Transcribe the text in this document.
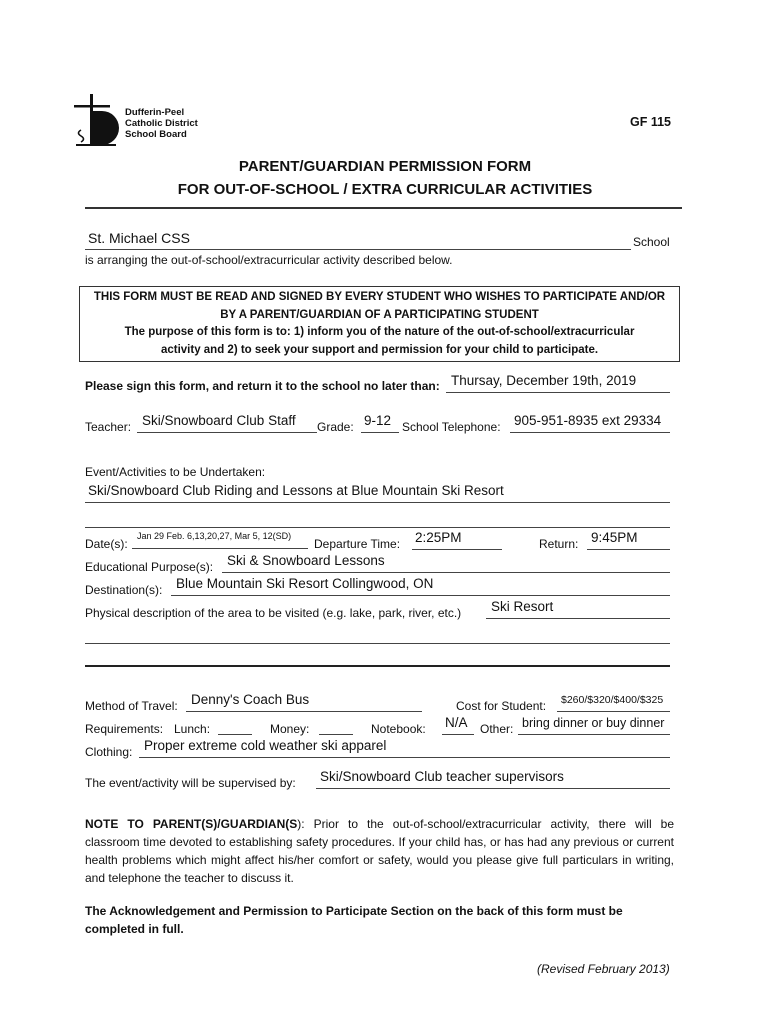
Dufferin-Peel
Catholic District
School Board
GF 115
PARENT/GUARDIAN PERMISSION FORM
FOR OUT-OF-SCHOOL / EXTRA CURRICULAR ACTIVITIES
St. Michael CSS	School
is arranging the out-of-school/extracurricular activity described below.

THIS FORM MUST BE READ AND SIGNED BY EVERY STUDENT WHO WISHES TO PARTICIPATE AND/OR

BY A PARENT/GUARDIAN OF A PARTICIPATING STUDENT

The purpose of this form is to: 1) inform you of the nature of the out-of-school/extracurricular

activity and 2) to seek your support and permission for your child to participate.

Please sign this form, and return it to the school no later than: Thursay, December 19th, 2019
Teacher: Ski/Snowboard Club Staff Grade: 9-12 School Telephone: 905-951-8935 ext 29334
Event/Activities to be Undertaken:
Ski/Snowboard Club Riding and Lessons at Blue Mountain Ski Resort
Date(s):
Jan 29 Feb. 6,13,20,27, Mar 5, 12(SD)
Departure Time: 2:25PM	Return: 9:45PM
Educational Purpose(s): Ski & Snowboard Lessons
Destination(s): Blue Mountain Ski Resort Collingwood, ON
Physical description of the area to be visited (e.g. lake, park, river, etc.) Ski Resort
Method of Travel: Denny's Coach Bus	Cost for Student: $260/$320/$400/$325
Requirements: Lunch:	Money:	Notebook: N/A Other: bring dinner or buy dinner
Clothing: Proper extreme cold weather ski apparel
The event/activity will be supervised by: Ski/Snowboard Club teacher supervisors
NOTE TO PARENT(S)/GUARDIAN(S): Prior to the out-of-school/extracurricular activity, there will be classroom time devoted to establishing safety procedures. If your child has, or has had any previous or current health problems which might affect his/her comfort or safety, would you please give full particulars in writing, and telephone the teacher to discuss it.
The Acknowledgement and Permission to Participate Section on the back of this form must be completed in full.
(Revised February 2013)
